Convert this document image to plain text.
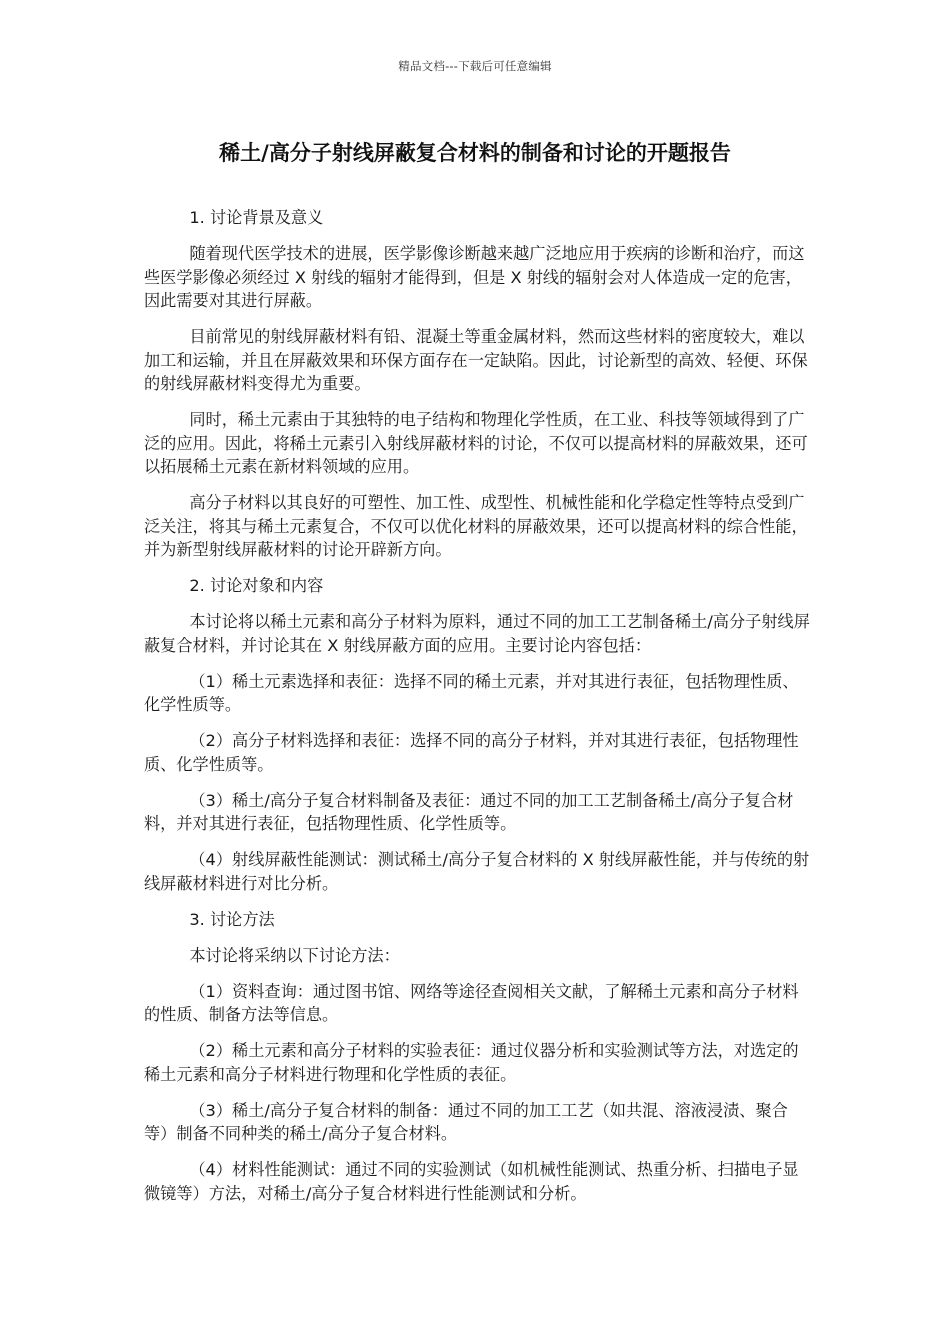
精品文档---下载后可任意编辑
稀土/高分子射线屏蔽复合材料的制备和讨论的开题报告

1. 讨论背景及意义

随着现代医学技术的进展，医学影像诊断越来越广泛地应用于疾病的诊断和治疗，而这些医学影像必须经过 X 射线的辐射才能得到，但是 X 射线的辐射会对人体造成一定的危害，因此需要对其进行屏蔽。

目前常见的射线屏蔽材料有铅、混凝土等重金属材料，然而这些材料的密度较大，难以加工和运输，并且在屏蔽效果和环保方面存在一定缺陷。因此，讨论新型的高效、轻便、环保的射线屏蔽材料变得尤为重要。

同时，稀土元素由于其独特的电子结构和物理化学性质，在工业、科技等领域得到了广泛的应用。因此，将稀土元素引入射线屏蔽材料的讨论，不仅可以提高材料的屏蔽效果，还可以拓展稀土元素在新材料领域的应用。

高分子材料以其良好的可塑性、加工性、成型性、机械性能和化学稳定性等特点受到广泛关注，将其与稀土元素复合，不仅可以优化材料的屏蔽效果，还可以提高材料的综合性能，并为新型射线屏蔽材料的讨论开辟新方向。

2. 讨论对象和内容

本讨论将以稀土元素和高分子材料为原料，通过不同的加工工艺制备稀土/高分子射线屏蔽复合材料，并讨论其在 X 射线屏蔽方面的应用。主要讨论内容包括：

（1）稀土元素选择和表征：选择不同的稀土元素，并对其进行表征，包括物理性质、化学性质等。

（2）高分子材料选择和表征：选择不同的高分子材料，并对其进行表征，包括物理性质、化学性质等。

（3）稀土/高分子复合材料制备及表征：通过不同的加工工艺制备稀土/高分子复合材料，并对其进行表征，包括物理性质、化学性质等。

（4）射线屏蔽性能测试：测试稀土/高分子复合材料的 X 射线屏蔽性能，并与传统的射线屏蔽材料进行对比分析。

3. 讨论方法

本讨论将采纳以下讨论方法：

（1）资料查询：通过图书馆、网络等途径查阅相关文献，了解稀土元素和高分子材料的性质、制备方法等信息。

（2）稀土元素和高分子材料的实验表征：通过仪器分析和实验测试等方法，对选定的稀土元素和高分子材料进行物理和化学性质的表征。

（3）稀土/高分子复合材料的制备：通过不同的加工工艺（如共混、溶液浸渍、聚合等）制备不同种类的稀土/高分子复合材料。

（4）材料性能测试：通过不同的实验测试（如机械性能测试、热重分析、扫描电子显微镜等）方法，对稀土/高分子复合材料进行性能测试和分析。
